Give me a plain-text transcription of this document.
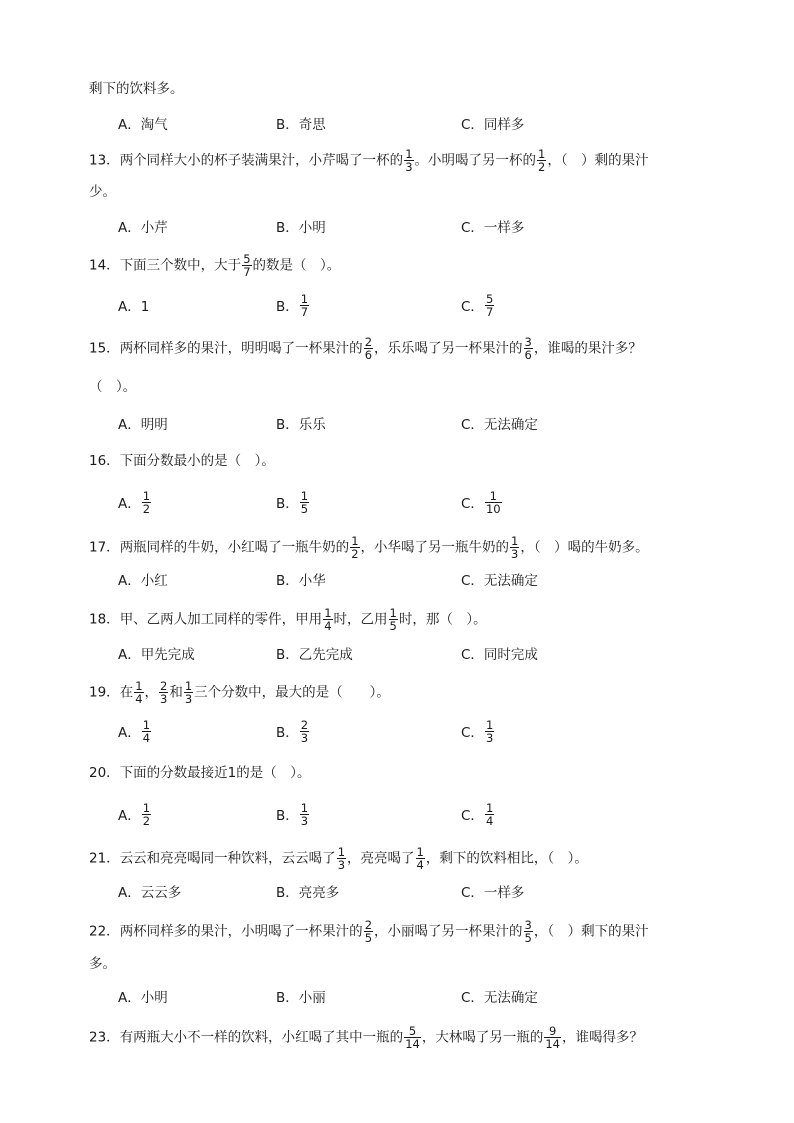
剩下的饮料多。
A．淘气	B．奇思	C．同样多
13．两个同样大小的杯子装满果汁，小芹喝了一杯的 $\frac{1}{3}$ 。小明喝了另一杯的 $\frac{1}{2}$ ，（　）剩的果汁
少。
A．小芹	B．小明	C．一样多
14．下面三个数中，大于 $\frac{5}{7}$ 的数是（　）。
A．1	B． $\frac{1}{7}$	C． $\frac{5}{7}$
15．两杯同样多的果汁，明明喝了一杯果汁的 $\frac{2}{6}$ ，乐乐喝了另一杯果汁的 $\frac{3}{6}$ ，谁喝的果汁多？
（　）。
A．明明	B．乐乐	C．无法确定
16．下面分数最小的是（　）。
A． $\frac{1}{2}$	B． $\frac{1}{5}$	C． $\frac{1}{10}$
17．两瓶同样的牛奶，小红喝了一瓶牛奶的 $\frac{1}{2}$ ，小华喝了另一瓶牛奶的 $\frac{1}{3}$ ，（　）喝的牛奶多。
A．小红	B．小华	C．无法确定
18．甲、乙两人加工同样的零件，甲用 $\frac{1}{4}$ 时，乙用 $\frac{1}{5}$ 时，那（　）。
A．甲先完成	B．乙先完成	C．同时完成
19．在 $\frac{1}{4}$ ， $\frac{2}{3}$ 和 $\frac{1}{3}$ 三个分数中，最大的是（　　）。
A． $\frac{1}{4}$	B． $\frac{2}{3}$	C． $\frac{1}{3}$
20．下面的分数最接近1的是（　）。
A． $\frac{1}{2}$	B． $\frac{1}{3}$	C． $\frac{1}{4}$
21．云云和亮亮喝同一种饮料，云云喝了 $\frac{1}{3}$ ，亮亮喝了 $\frac{1}{4}$ ，剩下的饮料相比，（　）。
A．云云多	B．亮亮多	C．一样多
22．两杯同样多的果汁，小明喝了一杯果汁的 $\frac{2}{5}$ ，小丽喝了另一杯果汁的 $\frac{3}{5}$ ，（　）剩下的果汁
多。
A．小明	B．小丽	C．无法确定
23．有两瓶大小不一样的饮料，小红喝了其中一瓶的 $\frac{5}{14}$ ，大林喝了另一瓶的 $\frac{9}{14}$ ，谁喝得多？
